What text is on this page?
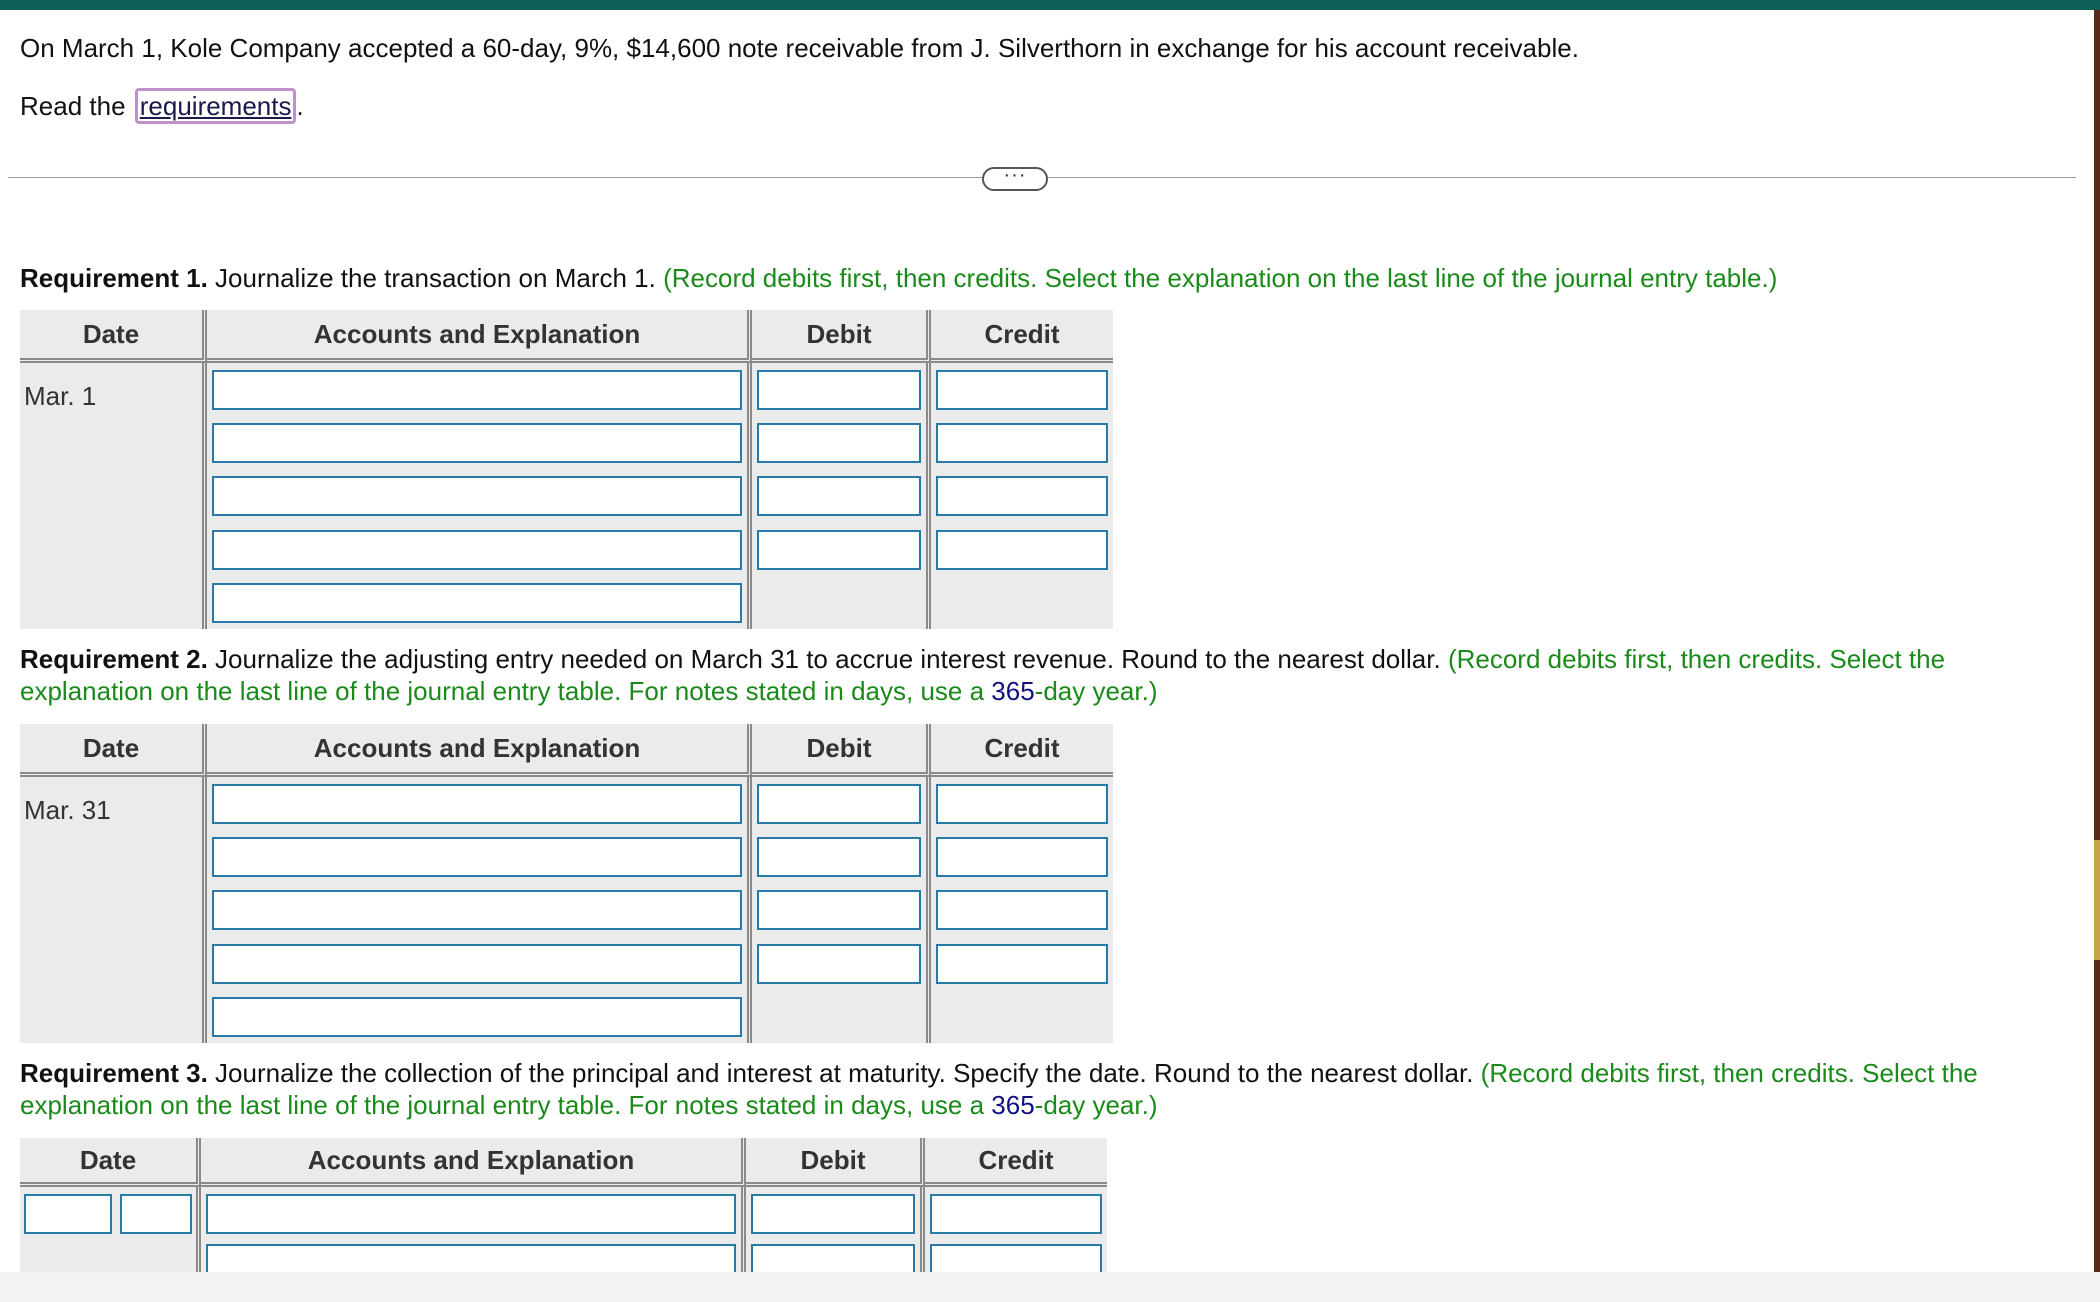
On March 1, Kole Company accepted a 60-day, 9%, $14,600 note receivable from J. Silverthorn in exchange for his account receivable.
Read the requirements .
···
Requirement 1. Journalize the transaction on March 1. (Record debits first, then credits. Select the explanation on the last line of the journal entry table.)
Date	Accounts and Explanation	Debit	Credit
Mar. 1	

Requirement 2. Journalize the adjusting entry needed on March 31 to accrue interest revenue. Round to the nearest dollar. (Record debits first, then credits. Select the
explanation on the last line of the journal entry table. For notes stated in days, use a 365-day year.)
Date	Accounts and Explanation	Debit	Credit
Mar. 31	

Requirement 3. Journalize the collection of the principal and interest at maturity. Specify the date. Round to the nearest dollar. (Record debits first, then credits. Select the
explanation on the last line of the journal entry table. For notes stated in days, use a 365-day year.)
Date	Accounts and Explanation	Debit	Credit
